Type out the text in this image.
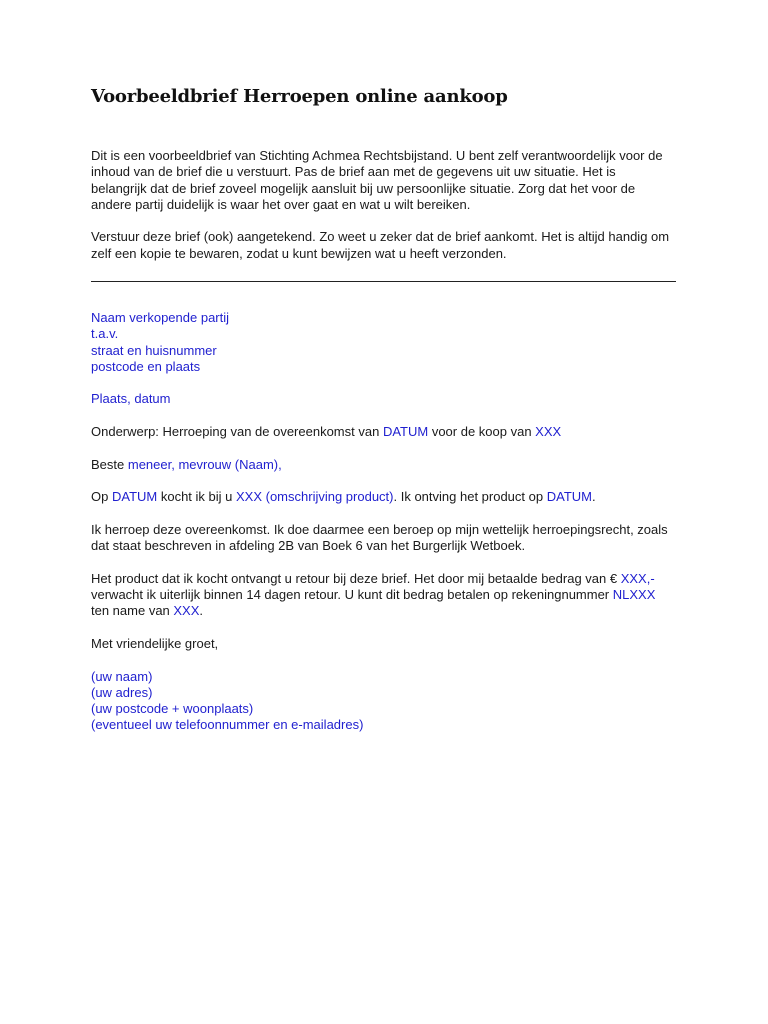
Voorbeeldbrief Herroepen online aankoop

Dit is een voorbeeldbrief van Stichting Achmea Rechtsbijstand. U bent zelf verantwoordelijk voor de
inhoud van de brief die u verstuurt. Pas de brief aan met de gegevens uit uw situatie. Het is
belangrijk dat de brief zoveel mogelijk aansluit bij uw persoonlijke situatie. Zorg dat het voor de
andere partij duidelijk is waar het over gaat en wat u wilt bereiken.

Verstuur deze brief (ook) aangetekend. Zo weet u zeker dat de brief aankomt. Het is altijd handig om
zelf een kopie te bewaren, zodat u kunt bewijzen wat u heeft verzonden.

Naam verkopende partij
t.a.v.
straat en huisnummer
postcode en plaats
Plaats, datum
Onderwerp: Herroeping van de overeenkomst van DATUM voor de koop van XXX
Beste meneer, mevrouw (Naam),
Op DATUM kocht ik bij u XXX (omschrijving product). Ik ontving het product op DATUM.
Ik herroep deze overeenkomst. Ik doe daarmee een beroep op mijn wettelijk herroepingsrecht, zoals
dat staat beschreven in afdeling 2B van Boek 6 van het Burgerlijk Wetboek.
Het product dat ik kocht ontvangt u retour bij deze brief. Het door mij betaalde bedrag van € XXX,-
verwacht ik uiterlijk binnen 14 dagen retour. U kunt dit bedrag betalen op rekeningnummer NLXXX
ten name van XXX.
Met vriendelijke groet,
(uw naam)
(uw adres)
(uw postcode + woonplaats)
(eventueel uw telefoonnummer en e-mailadres)
